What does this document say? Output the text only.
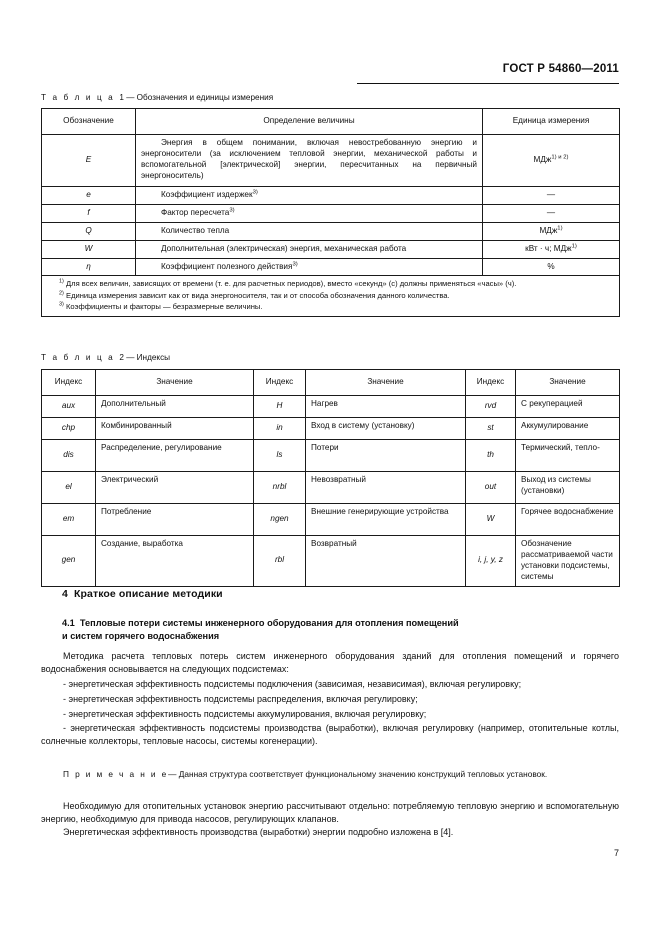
ГОСТ Р 54860—2011
Т а б л и ц а 1 — Обозначения и единицы измерения
Обозначение	Определение величины	Единица измерения
E	Энергия в общем понимании, включая невостребованную энергию и энергоносители (за исключением тепловой энергии, механической работы и вспомогательной [электрической] энергии, пересчитанных на первичный энергоноситель)	МДж$^{1) и 2)}$
e	Коэффициент издержек$^{3)}$	—
f	Фактор пересчета$^{3)}$	—
Q	Количество тепла	МДж$^{1)}$
W	Дополнительная (электрическая) энергия, механическая работа	кВт · ч; МДж$^{1)}$
η	Коэффициент полезного действия$^{3)}$	%

$^{1)}$ Для всех величин, зависящих от времени (т. е. для расчетных периодов), вместо «секунд» (с) должны применяться «часы» (ч).

$^{2)}$ Единица измерения зависит как от вида энергоносителя, так и от способа обозначения данного количества.

$^{3)}$ Коэффициенты и факторы — безразмерные величины.		

Т а б л и ц а 2 — Индексы
Индекс	Значение	Индекс	Значение	Индекс	Значение
aux	Дополнительный	H	Нагрев	rvd	С рекуперацией
chp	Комбинированный	in	Вход в систему (установку)	st	Аккумулирование
dis	Распределение, регулирование	ls	Потери	th	Термический, тепло-
el	Электрический	nrbl	Невозвратный	out	Выход из системы (установки)
em	Потребление	ngen	Внешние генерирующие устройства	W	Горячее водоснабжение
gen	Создание, выработка	rbl	Возвратный	i, j, y, z	Обозначение рассматриваемой части установки подсистемы, системы
4 Краткое описание методики
4.1 Тепловые потери системы инженерного оборудования для отопления помещений
и систем горячего водоснабжения

Методика расчета тепловых потерь систем инженерного оборудования зданий для отопления помещений и горячего водоснабжения основывается на следующих подсистемах:

- энергетическая эффективность подсистемы подключения (зависимая, независимая), включая регулировку;

- энергетическая эффективность подсистемы распределения, включая регулировку;

- энергетическая эффективность подсистемы аккумулирования, включая регулировку;

- энергетическая эффективность подсистемы производства (выработки), включая регулировку (например, отопительные котлы, солнечные коллекторы, тепловые насосы, системы когенерации).

П р и м е ч а н и е— Данная структура соответствует функциональному значению конструкций тепловых установок.

Необходимую для отопительных установок энергию рассчитывают отдельно: потребляемую тепловую энергию и вспомогательную энергию, необходимую для привода насосов, регулирующих клапанов.

Энергетическая эффективность производства (выработки) энергии подробно изложена в [4].

7
